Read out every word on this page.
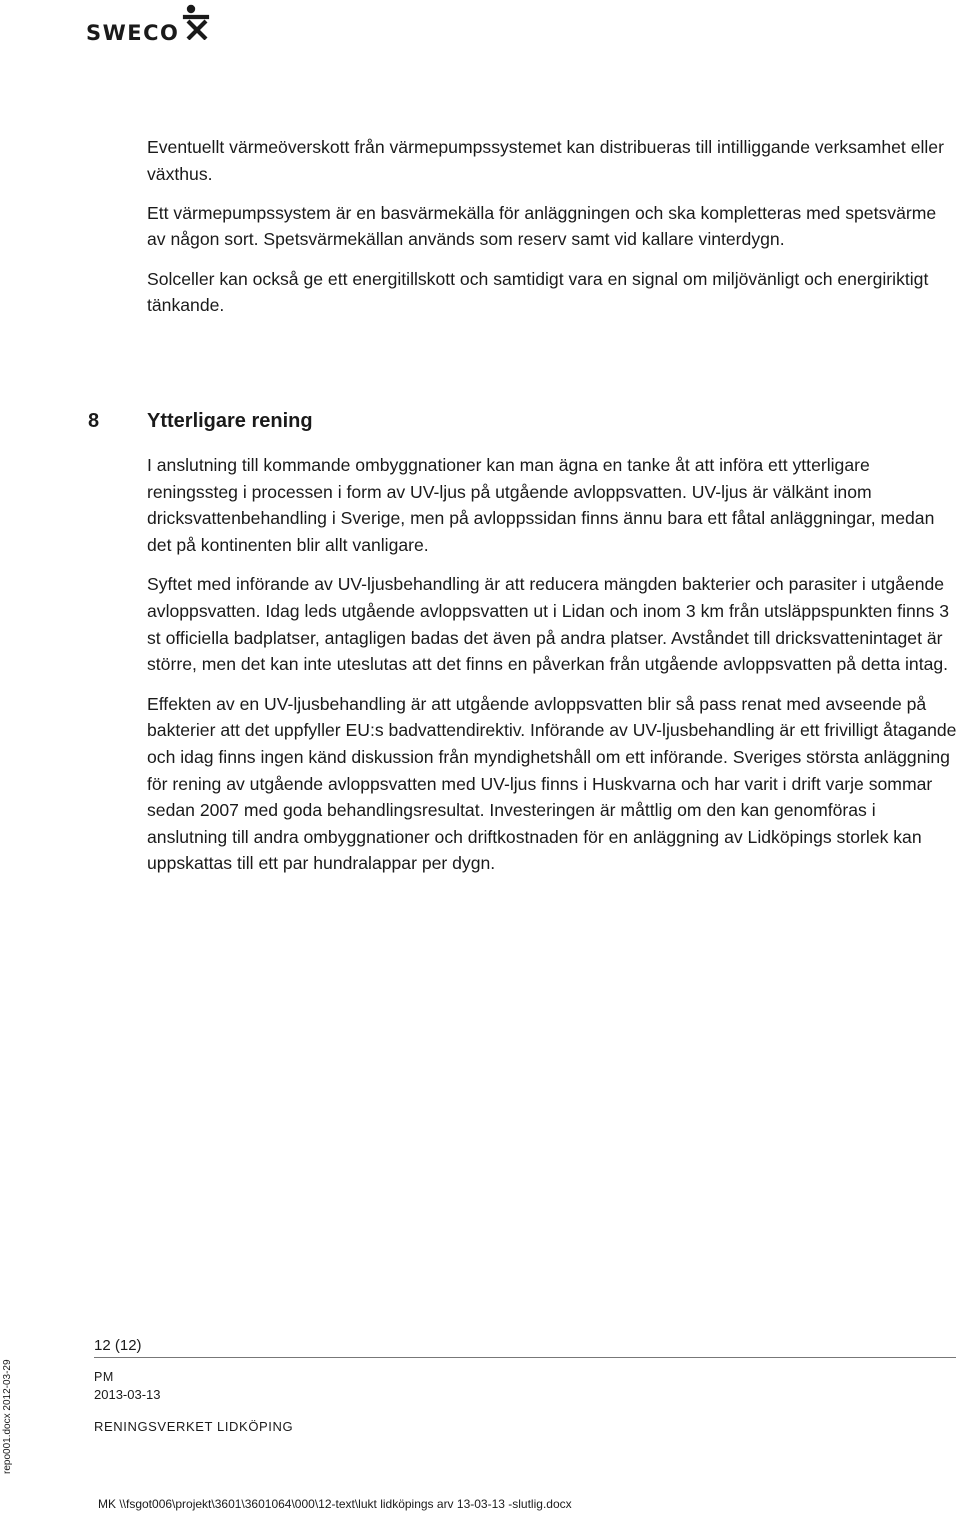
SWECO

Eventuellt värmeöverskott från värmepumpssystemet kan distribueras till intilliggande verksamhet eller växthus.

Ett värmepumpssystem är en basvärmekälla för anläggningen och ska kompletteras med spetsvärme av någon sort. Spetsvärmekällan används som reserv samt vid kallare vinterdygn.

Solceller kan också ge ett energitillskott och samtidigt vara en signal om miljövänligt och energiriktigt tänkande.

8 Ytterligare rening

I anslutning till kommande ombyggnationer kan man ägna en tanke åt att införa ett ytterligare reningssteg i processen i form av UV-ljus på utgående avloppsvatten. UV-ljus är välkänt inom dricksvattenbehandling i Sverige, men på avloppssidan finns ännu bara ett fåtal anläggningar, medan det på kontinenten blir allt vanligare.

Syftet med införande av UV-ljusbehandling är att reducera mängden bakterier och parasiter i utgående avloppsvatten. Idag leds utgående avloppsvatten ut i Lidan och inom 3 km från utsläppspunkten finns 3 st officiella badplatser, antagligen badas det även på andra platser. Avståndet till dricksvattenintaget är större, men det kan inte uteslutas att det finns en påverkan från utgående avloppsvatten på detta intag.

Effekten av en UV-ljusbehandling är att utgående avloppsvatten blir så pass renat med avseende på bakterier att det uppfyller EU:s badvattendirektiv. Införande av UV-ljusbehandling är ett frivilligt åtagande och idag finns ingen känd diskussion från myndighetshåll om ett införande. Sveriges största anläggning för rening av utgående avloppsvatten med UV-ljus finns i Huskvarna och har varit i drift varje sommar sedan 2007 med goda behandlingsresultat. Investeringen är måttlig om den kan genomföras i anslutning till andra ombyggnationer och driftkostnaden för en anläggning av Lidköpings storlek kan uppskattas till ett par hundralappar per dygn.

12 (12)
PM
2013-03-13
RENINGSVERKET LIDKÖPING
MK \\fsgot006\projekt\3601\3601064\000\12-text\lukt lidköpings arv 13-03-13 -slutlig.docx
repo001.docx 2012-03-29
